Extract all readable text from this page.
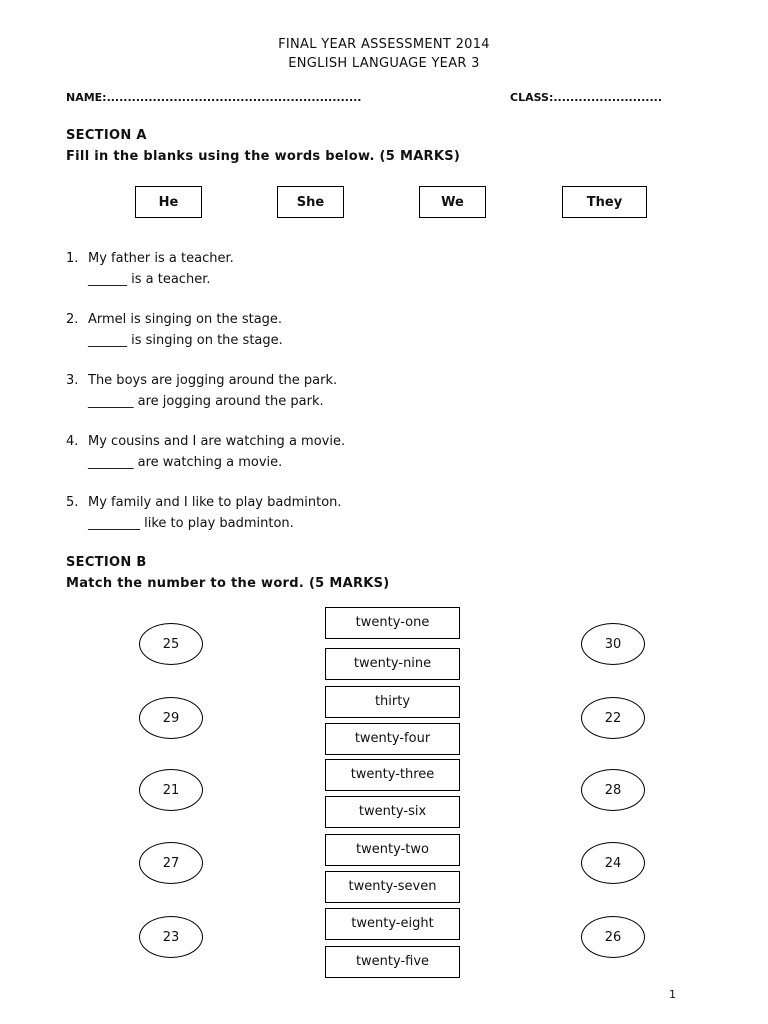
FINAL YEAR ASSESSMENT 2014
ENGLISH LANGUAGE YEAR 3
NAME:.............................................................	CLASS:..........................
SECTION A
Fill in the blanks using the words below. (5 MARKS)
He	She	We	They
1. My father is a teacher.
______ is a teacher.
2. Armel is singing on the stage.
______ is singing on the stage.
3. The boys are jogging around the park.
_______ are jogging around the park.
4. My cousins and I are watching a movie.
_______ are watching a movie.
5. My family and I like to play badminton.
________ like to play badminton.
SECTION B
Match the number to the word. (5 MARKS)
25
29
21
27
23
twenty-one
twenty-nine
thirty
twenty-four
twenty-three
twenty-six
twenty-two
twenty-seven
twenty-eight
twenty-five
30
22
28
24
26
1
